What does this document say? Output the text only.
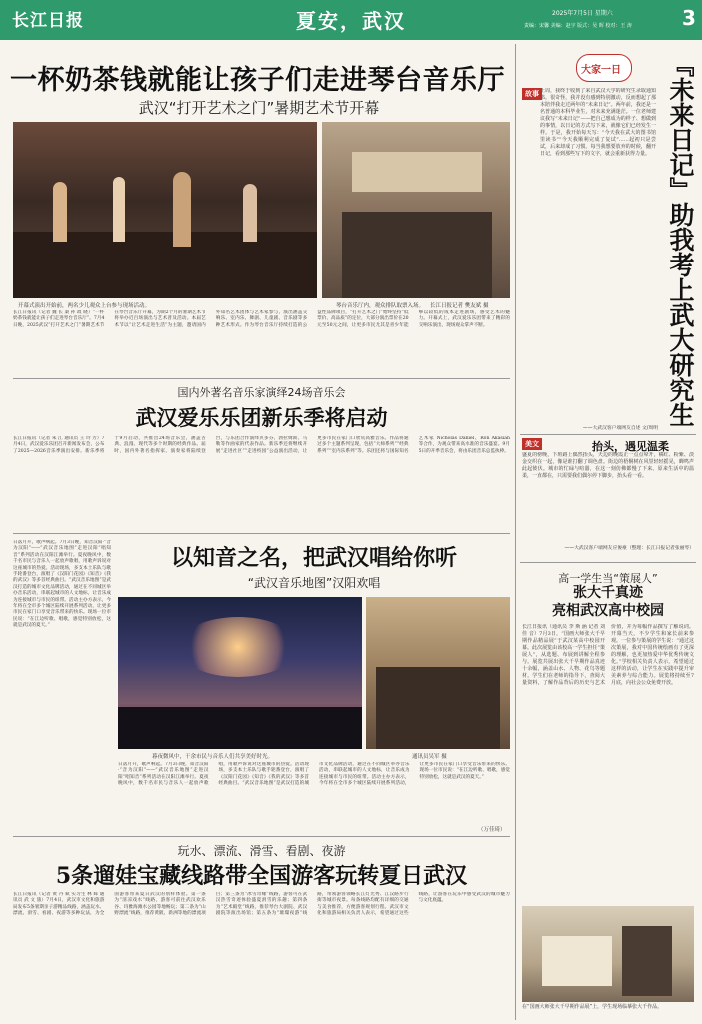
长江日报	夏安，武汉	2025年7月5日 星期六
责编：宋馨 美编：赵宇 版式：吴 晖 校对：王 涛	3
一杯奶茶钱就能让孩子们走进琴台音乐厅
武汉“打开艺术之门”暑期艺术节开幕
开幕式演出开始前，两名少儿观众上台参与现场活动。	琴台音乐厅内，观众排队取票入场。 长江日报记者 樊友斌 摄
长江日报讯（记者 魏 长 桑 孙 政 晓）“一杯奶茶钱就能让孩子们走进琴台音乐厅”。7月4日晚，2025武汉“打开艺术之门”暑期艺术节在琴台音乐厅开幕，为期2个月的暑期艺术节将举办近百场演出与艺术普及活动。本届艺术节以“让艺术走进生活”为主题，邀请国内外知名艺术团体与艺术家参与，演出涵盖交响乐、室内乐、舞剧、儿童剧、音乐剧等多种艺术形式。作为琴台音乐厅持续打造的公益性品牌项目，“打开艺术之门”始终坚持“低票价、高品质”的定位，大部分演出票价在20元至50元之间，让更多市民尤其是青少年能够以较低的成本走进剧场，感受艺术的魅力。开幕式上，武汉爱乐乐团带来了精彩的交响乐演出，现场观众掌声不断。
国内外著名音乐家演绎24场音乐会
武汉爱乐乐团新乐季将启动
长江日报讯（记者 朱 江 通讯员 王 玲 芳）7月4日，武汉爱乐乐团召开新闻发布会，公布了2025—2026音乐季演出安排。新乐季将于9月启动，共推出24场音乐会，涵盖古典、浪漫、现代等多个时期的经典作品。届时，国内外著名指挥家、演奏家将陆续登台，与乐团合作演绎贝多芬、勃拉姆斯、马勒等作曲家的代表作品。新乐季还将继续开展“走进社区”“走进校园”公益演出活动，让更多市民在家门口欣赏高雅音乐。作品将通过多个主题系列呈现，包括“大师系列”“经典系列”“室内乐系列”等。乐团还将与国际知名艺术家 Nicholas Daniel、Ron Akasian 等合作，为观众带来高水准的音乐盛宴。9月5日的开季音乐会，将由乐团音乐总监执棒。
日落月升，歌声响起。7月3日晚，知音汉阳·“音为汉阳”——“武汉音乐地图”走进汉阳“唱知音”系列活动在汉阳江滩举行。夏夜晚风中，数千名市民与音乐人一起放声歌唱，用歌声诉说对这座城市的热爱。活动现场，多支本土乐队与歌手轮番登台，演唱了《汉阳门花园》《知音》《我的武汉》等多首经典曲目。“武汉音乐地图”是武汉打造的城市文化品牌活动，通过在不同城区举办音乐活动，串联起城市的人文地标，让音乐成为连接城市与市民的纽带。活动主办方表示，今年将在全市多个城区陆续开展系列活动，让更多市民在家门口享受音乐带来的快乐。现场一位市民说：“在江边听歌、唱歌，感觉特别放松，这就是武汉的夏天。”
以知音之名，把武汉唱给你听
“武汉音乐地图”汉阳欢唱
暮夜微风中，干余市民与音乐人们共享美好时光。	通讯员吴军 摄
日落月升，歌声响起。7月3日晚，知音汉阳·“音为汉阳”——“武汉音乐地图”走进汉阳“唱知音”系列活动在汉阳江滩举行。夏夜晚风中，数千名市民与音乐人一起放声歌唱，用歌声诉说对这座城市的热爱。活动现场，多支本土乐队与歌手轮番登台，演唱了《汉阳门花园》《知音》《我的武汉》等多首经典曲目。“武汉音乐地图”是武汉打造的城市文化品牌活动，通过在不同城区举办音乐活动，串联起城市的人文地标，让音乐成为连接城市与市民的纽带。活动主办方表示，今年将在全市多个城区陆续开展系列活动，让更多市民在家门口享受音乐带来的快乐。现场一位市民说：“在江边听歌、唱歌，感觉特别放松，这就是武汉的夏天。”
（万佳琦）
玩水、漂流、滑雪、看剧、夜游
5条遛娃宝藏线路带全国游客玩转夏日武汉
长江日报讯（记者 黄 丹 斌 实习生 林 晖 通讯员 武 文 旅）7月4日，武汉市文化和旅游局发布5条暑期亲子游精品线路，涵盖玩水、漂流、滑雪、看剧、夜游等多种玩法，为全国游客带来夏日武汉的别样体验。第一条为“清凉戏水”线路，游客可前往武汉欢乐谷、玛雅海滩水公园等地畅玩；第二条为“山野漂流”线路，推荐黄陂、新洲等地的漂流项目；第三条为“冰雪奇缘”线路，游客可在武汉热雪奇迹体验盛夏滑雪的乐趣；第四条为“艺术殿堂”线路，推荐琴台大剧院、武汉剧院等演出场馆；第五条为“璀璨夜游”线路，带领游客领略长江灯光秀、江汉路步行街等城市夜景。每条线路均配有详细的交通与美食推荐，方便游客规划行程。武汉市文化和旅游局相关负责人表示，希望通过这些线路，让游客在玩乐中感受武汉的城市魅力与文化底蕴。
大家一日
故事 上周，我终于收到了来自武汉大学的研究生录取通知书。很奇怪，我并没有感到特别激动，反而想起了那本陪伴我走过两年的“未来日记”。两年前，我还是一名普通的本科毕业生，对未来充满迷茫。一位老师建议我写“未来日记”——把自己想成为的样子、想做到的事情，以日记的方式写下来，就像它们已经发生一样。于是，我开始每天写：“今天我在武大的图书馆里读书”“今天我顺利完成了复试”……起初只是尝试，后来却成了习惯。每当我想要放弃的时候，翻开日记，看到那些写下的文字，就会重新获得力量。 『未来日记』助我考上武大研究生
——大武汉客户端网友自述 文/周明
美文	抬头，遇见温柔
盛夏的傍晚，下班路上偶然抬头，天边的晚霞正一点点晕开，橘红、粉紫、淡金交织在一起，像是谁打翻了调色盘。街边的梧桐树在风里轻轻摇晃，蝉鸣声此起彼伏。城市的忙碌与喧嚣，在这一刻仿佛都慢了下来。原来生活中的温柔，一直都在，只需要我们偶尔停下脚步，抬头看一看。
——大武汉客户端网友应俊豪（整理：长江日报记者张丽琴）
高一学生当“策展人”
张大千真迹
亮相武汉高中校园
长江日报讯（通讯员 李 斯 涵 记者 刘 佳 音）7月3日，“国画大师张大千早期作品精品展”于武汉某高中校园开幕。此次展览由该校高一学生担任“策展人”，从选题、布展到讲解全程参与。展览共展出张大千早期作品真迹十余幅，涵盖山水、人物、花鸟等题材。学生们在老师的指导下，查阅大量资料，了解作品背后的历史与艺术价值，并为每幅作品撰写了解说词。开幕当天，不少学生和家长前来参观。一位参与策展的学生说：“通过这次策展，我对中国传统绘画有了更深的理解，也更加热爱中华优秀传统文化。”学校相关负责人表示，希望通过这样的活动，让学生在实践中提升审美素养与综合能力。展览将持续至7月底，向社会公众免费开放。
在“国画大师张大千早期作品展”上，学生现场临摹张大千作品。
